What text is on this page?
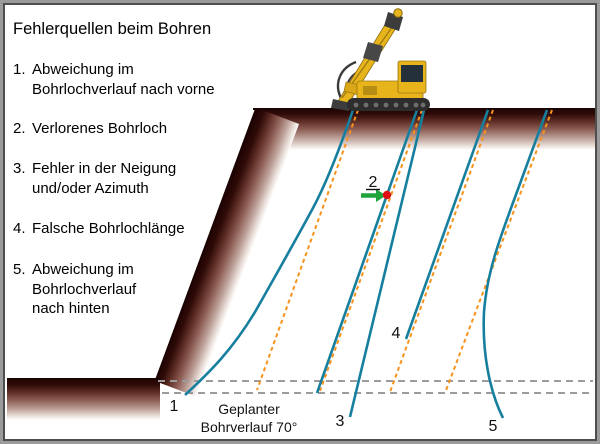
1
2
3
4
5
Geplanter
Bohrverlauf 70°
Fehlerquellen beim Bohren
1. Abweichung im
Bohrlochverlauf nach vorne
2. Verlorenes Bohrloch
3. Fehler in der Neigung
und/oder Azimuth
4. Falsche Bohrlochlänge
5. Abweichung im
Bohrlochverlauf
nach hinten
